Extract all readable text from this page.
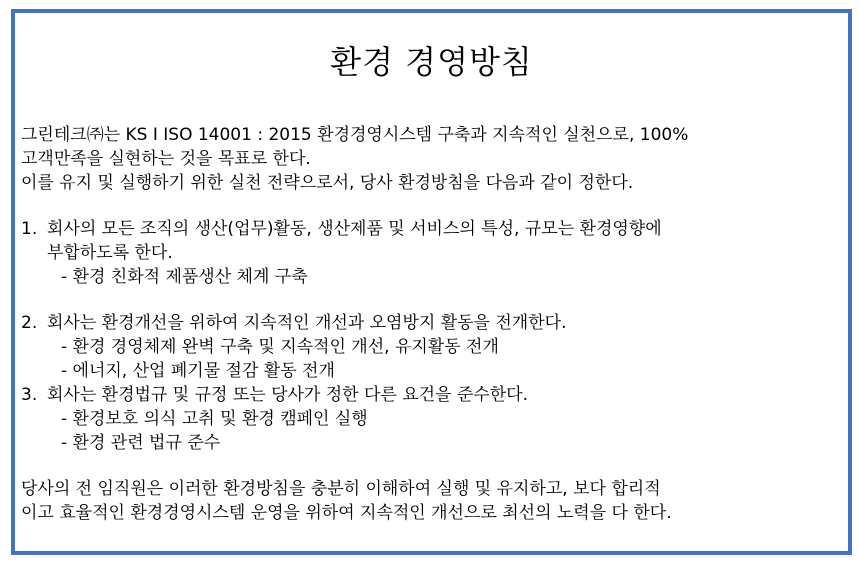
환경 경영방침
그린테크㈜는 KS I ISO 14001 : 2015 환경경영시스템 구축과 지속적인 실천으로, 100%
고객만족을 실현하는 것을 목표로 한다.
이를 유지 및 실행하기 위한 실천 전략으로서, 당사 환경방침을 다음과 같이 정한다.
1. 회사의 모든 조직의 생산(업무)활동, 생산제품 및 서비스의 특성, 규모는 환경영향에
부합하도록 한다.
- 환경 친화적 제품생산 체계 구축
2. 회사는 환경개선을 위하여 지속적인 개선과 오염방지 활동을 전개한다.
- 환경 경영체제 완벽 구축 및 지속적인 개선, 유지활동 전개
- 에너지, 산업 폐기물 절감 활동 전개
3. 회사는 환경법규 및 규정 또는 당사가 정한 다른 요건을 준수한다.
- 환경보호 의식 고취 및 환경 캠페인 실행
- 환경 관련 법규 준수
당사의 전 임직원은 이러한 환경방침을 충분히 이해하여 실행 및 유지하고, 보다 합리적
이고 효율적인 환경경영시스템 운영을 위하여 지속적인 개선으로 최선의 노력을 다 한다.
